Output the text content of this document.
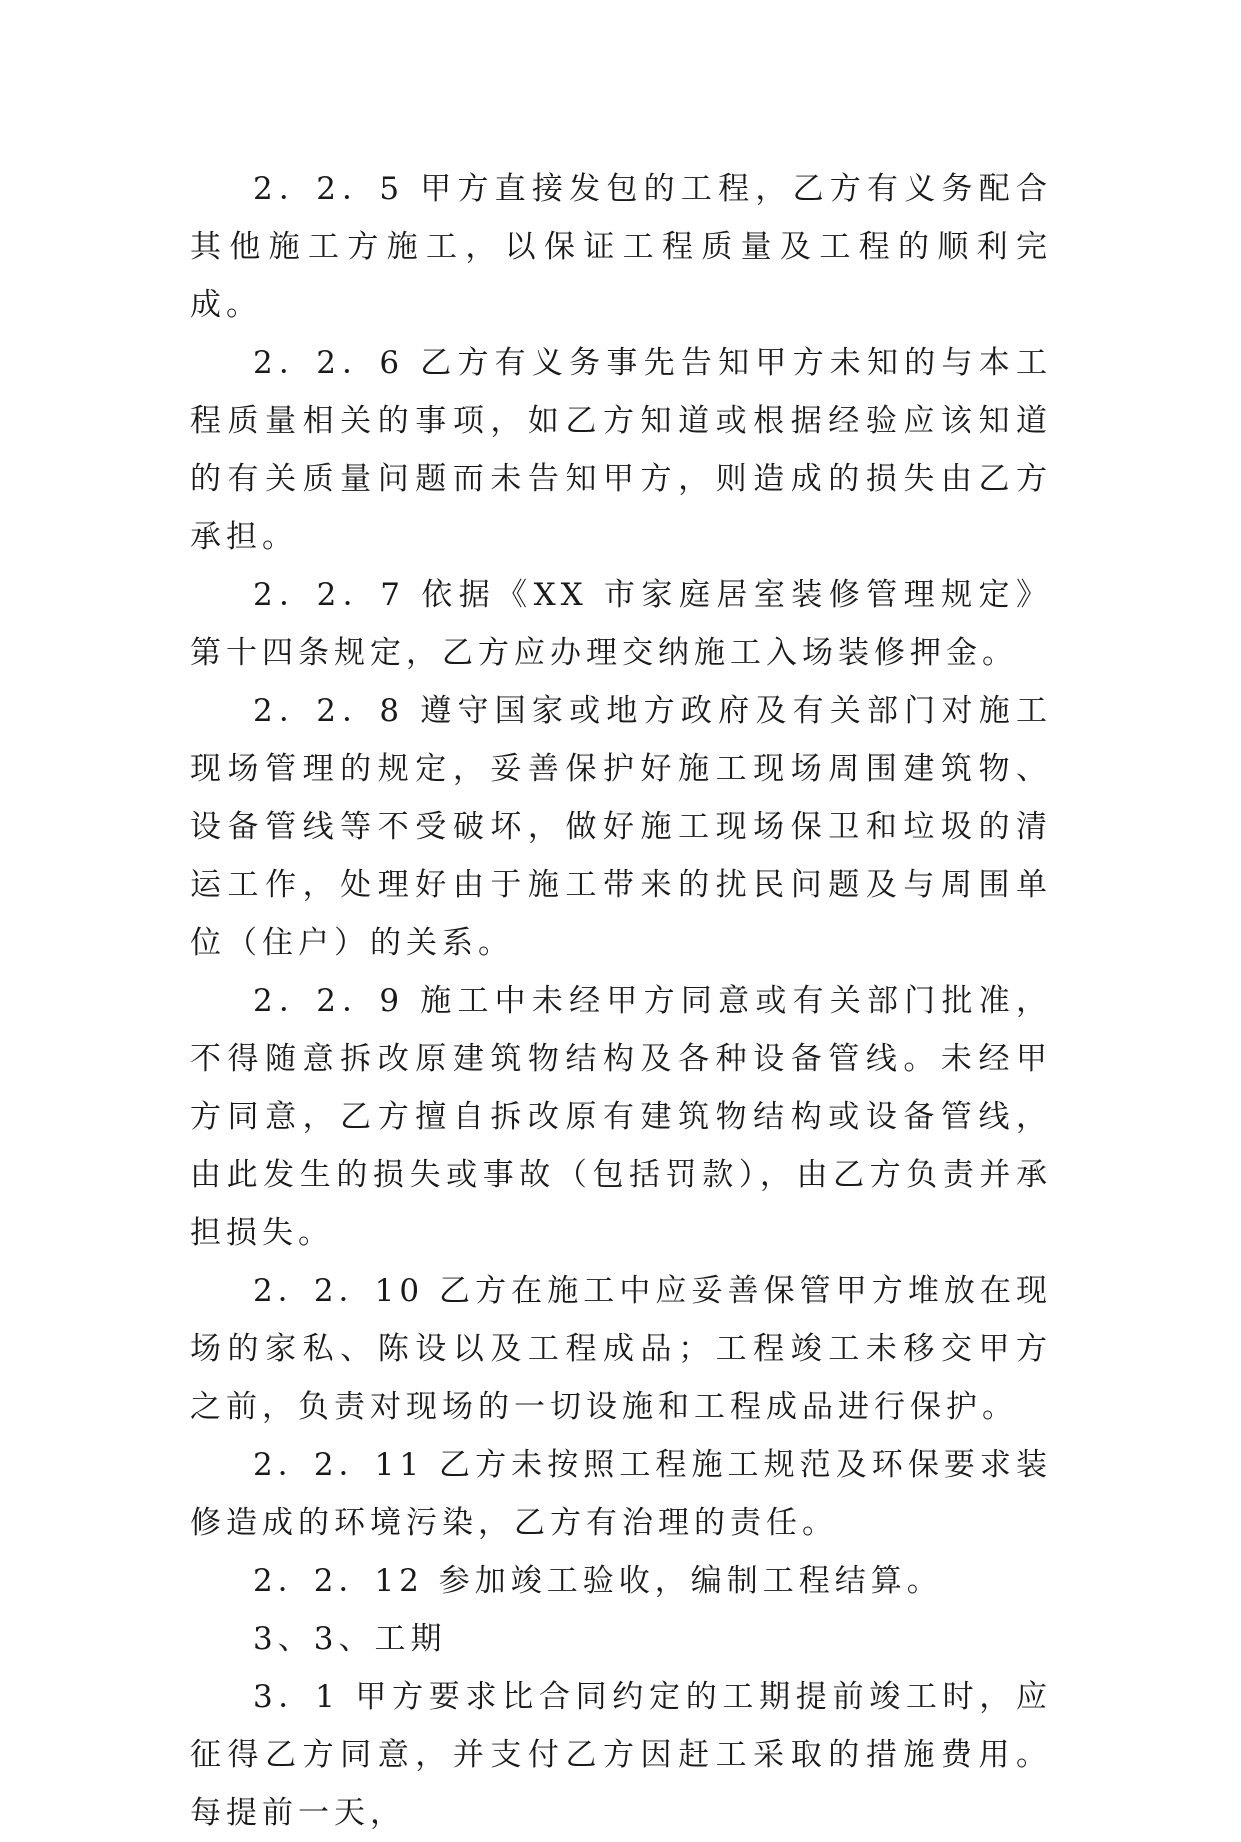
2．2．5 甲方直接发包的工程，乙方有义务配合其他施工方施工，以保证工程质量及工程的顺利完成。

2．2．6 乙方有义务事先告知甲方未知的与本工程质量相关的事项，如乙方知道或根据经验应该知道的有关质量问题而未告知甲方，则造成的损失由乙方承担。

2．2．7 依据《XX 市家庭居室装修管理规定》第十四条规定，乙方应办理交纳施工入场装修押金。

2．2．8 遵守国家或地方政府及有关部门对施工现场管理的规定，妥善保护好施工现场周围建筑物、设备管线等不受破坏，做好施工现场保卫和垃圾的清运工作，处理好由于施工带来的扰民问题及与周围单位（住户）的关系。

2．2．9 施工中未经甲方同意或有关部门批准，不得随意拆改原建筑物结构及各种设备管线。未经甲方同意，乙方擅自拆改原有建筑物结构或设备管线，由此发生的损失或事故（包括罚款），由乙方负责并承担损失。

2．2．10 乙方在施工中应妥善保管甲方堆放在现场的家私、陈设以及工程成品；工程竣工未移交甲方之前，负责对现场的一切设施和工程成品进行保护。

2．2．11 乙方未按照工程施工规范及环保要求装修造成的环境污染，乙方有治理的责任。

2．2．12 参加竣工验收，编制工程结算。

3、3、工期

3．1 甲方要求比合同约定的工期提前竣工时，应征得乙方同意，并支付乙方因赶工采取的措施费用。每提前一天，
